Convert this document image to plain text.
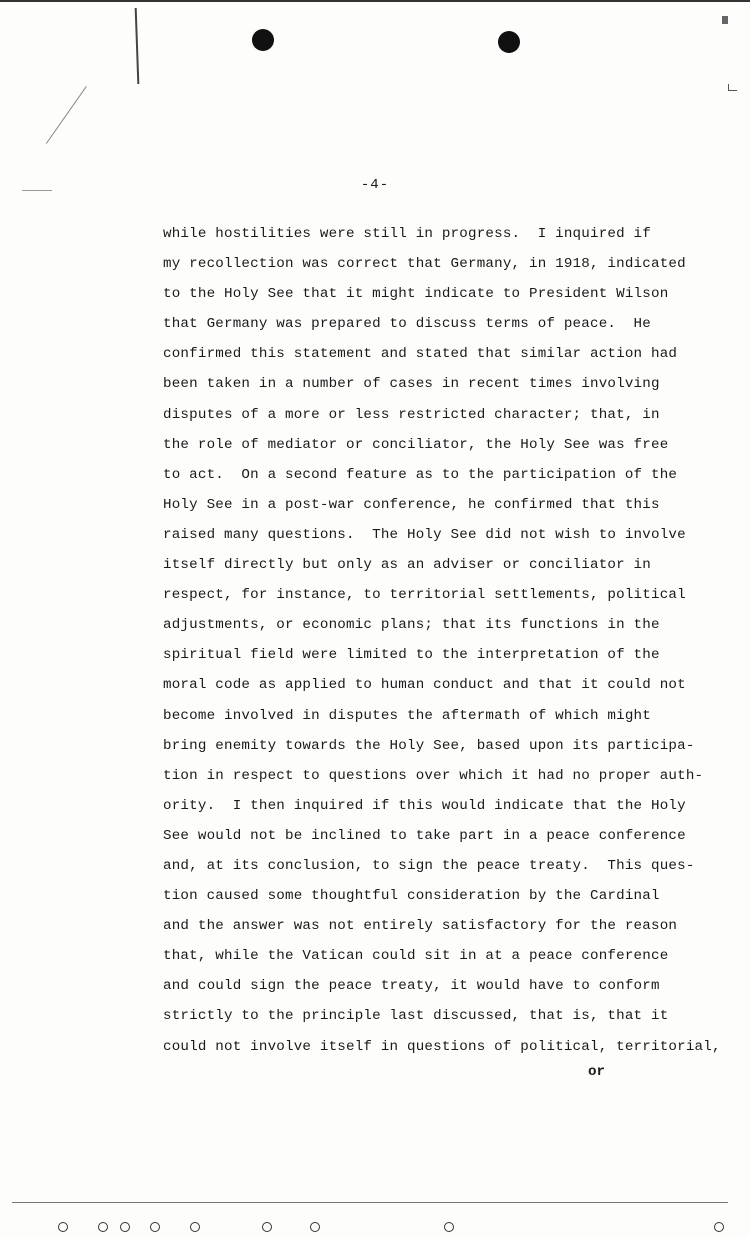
-4-
while hostilities were still in progress.  I inquired if
my recollection was correct that Germany, in 1918, indicated
to the Holy See that it might indicate to President Wilson
that Germany was prepared to discuss terms of peace.  He
confirmed this statement and stated that similar action had
been taken in a number of cases in recent times involving
disputes of a more or less restricted character; that, in
the role of mediator or conciliator, the Holy See was free
to act.  On a second feature as to the participation of the
Holy See in a post-war conference, he confirmed that this
raised many questions.  The Holy See did not wish to involve
itself directly but only as an adviser or conciliator in
respect, for instance, to territorial settlements, political
adjustments, or economic plans; that its functions in the
spiritual field were limited to the interpretation of the
moral code as applied to human conduct and that it could not
become involved in disputes the aftermath of which might
bring enemity towards the Holy See, based upon its participa-
tion in respect to questions over which it had no proper auth-
ority.  I then inquired if this would indicate that the Holy
See would not be inclined to take part in a peace conference
and, at its conclusion, to sign the peace treaty.  This ques-
tion caused some thoughtful consideration by the Cardinal
and the answer was not entirely satisfactory for the reason
that, while the Vatican could sit in at a peace conference
and could sign the peace treaty, it would have to conform
strictly to the principle last discussed, that is, that it
could not involve itself in questions of political, territorial,
or
